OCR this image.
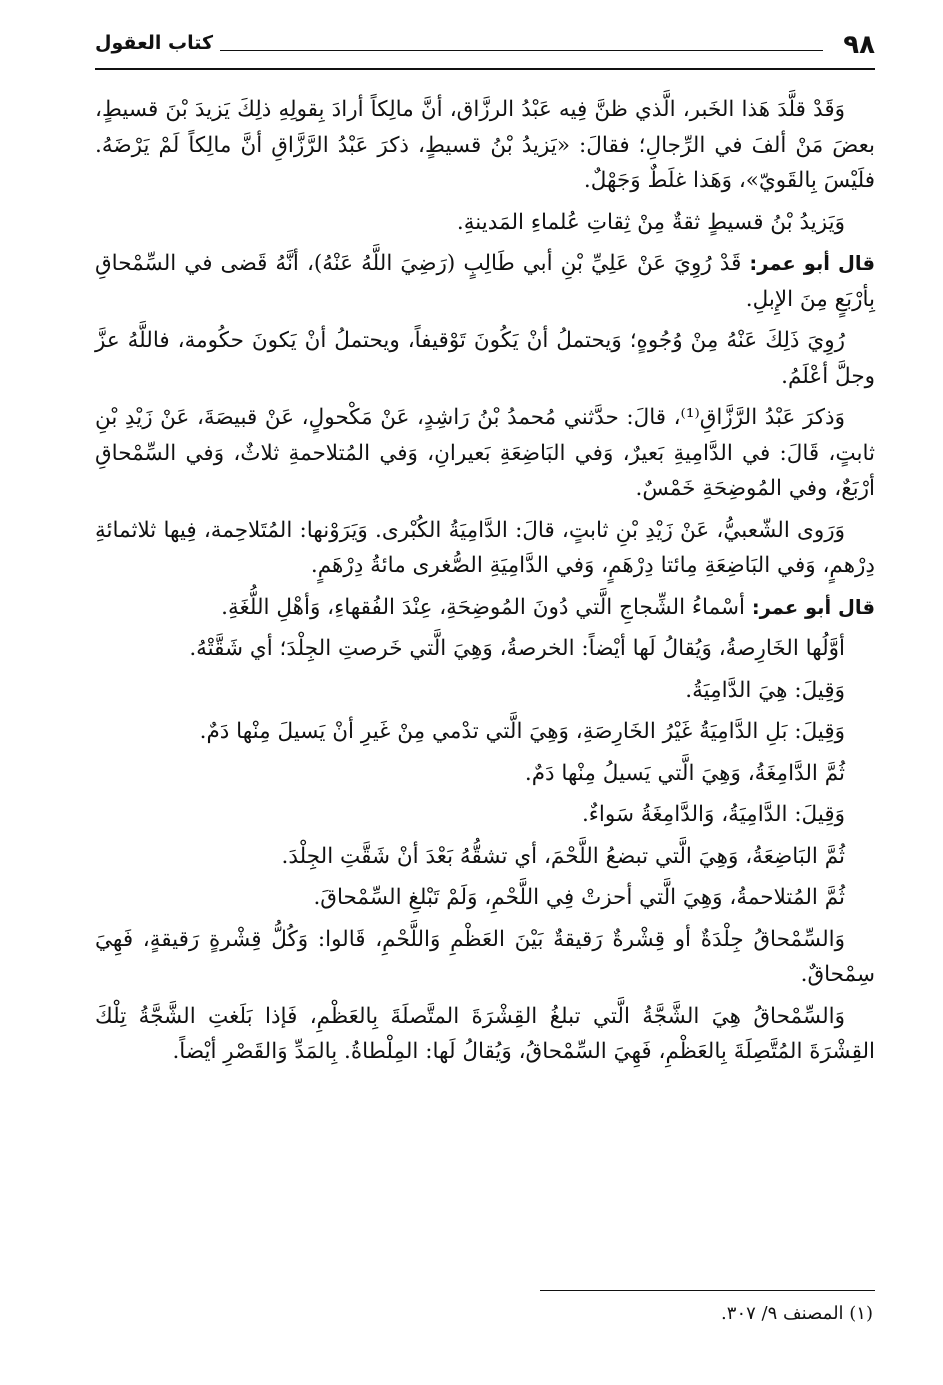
٩٨
كتاب العقول

وَقَدْ قلَّدَ هَذا الخَبر، الَّذي ظنَّ فِيه عَبْدُ الرزَّاق، أنَّ مالِكاً أرادَ بِقولِهِ ذلِكَ يَزيدَ بْنَ قسيطٍ، بعضَ مَنْ ألفَ في الرِّجالِ؛ فقالَ: «يَزيدُ بْنُ قسيطٍ، ذكرَ عَبْدُ الرَّزَّاقِ أنَّ مالِكاً لَمْ يَرْضَهُ. فلَيْسَ بِالقَويّ»، وَهَذا غلَطٌ وَجَهْلٌ.

وَيَزيدُ بْنُ قسيطٍ ثقةٌ مِنْ ثِقاتِ عُلماءِ المَدينةِ.

قال أبو عمر: قَدْ رُوِيَ عَنْ عَلِيِّ بْنِ أبي طَالِبٍ (رَضِيَ اللَّهُ عَنْهُ)، أنَّهُ قَضى في السِّمْحاقِ بِأرْبَعٍ مِنَ الإِبلِ.

رُوِيَ ذَلِكَ عَنْهُ مِنْ وُجُوهٍ؛ وَيحتملُ أنْ يَكُونَ تَوْقيفاً، ويحتملُ أنْ يَكونَ حكُومة، فاللَّهُ عزَّ وجلَّ أعْلَمُ.

وَذكرَ عَبْدُ الرَّزَّاقِ⁽¹⁾، قالَ: حدَّثني مُحمدُ بْنُ رَاشِدٍ، عَنْ مَكْحولٍ، عَنْ قبيصَةَ، عَنْ زَيْدِ بْنِ ثابتٍ، قَالَ: في الدَّامِيةِ بَعيرٌ، وَفي البَاضِعَةِ بَعيرانِ، وَفي المُتلاحمةِ ثلاثٌ، وَفي السِّمْحاقِ أرْبَعٌ، وفي المُوضِحَةِ خَمْسٌ.

وَرَوى الشّعبيُّ، عَنْ زَيْدِ بْنِ ثابتٍ، قالَ: الدَّامِيَةُ الكُبْرى. وَيَرَوْنها: المُتَلاحِمة، فِيها ثلاثمائةِ دِرْهمٍ، وَفي البَاضِعَةِ مِائتا دِرْهَمٍ، وَفي الدَّامِيَةِ الصُّغرى مائةُ دِرْهَمٍ.

قال أبو عمر: أسْماءُ الشِّجاجِ الَّتي دُونَ المُوضِحَةِ، عِنْدَ الفُقهاءِ، وَأهْلِ اللُّغَةِ.

أوَّلُها الخَارِصةُ، وَيُقالُ لَها أيْضاً: الخرصةُ، وَهِيَ الَّتي خَرصتِ الجِلْدَ؛ أي شَقَّتْهُ.

وَقِيلَ: هِيَ الدَّامِيَةُ.

وَقِيلَ: بَلِ الدَّامِيَةُ غَيْرُ الخَارِصَةِ، وَهِيَ الَّتي تدْمي مِنْ غَيرِ أنْ يَسيلَ مِنْها دَمٌ.

ثُمَّ الدَّامِغَةُ، وَهِيَ الَّتي يَسيلُ مِنْها دَمٌ.

وَقِيلَ: الدَّامِيَةُ، وَالدَّامِغَةُ سَواءٌ.

ثُمَّ البَاضِعَةُ، وَهِيَ الَّتي تبضعُ اللَّحْمَ، أي تشقُّهُ بَعْدَ أنْ شَقَّتِ الجِلْدَ.

ثُمَّ المُتلاحمةُ، وَهِيَ الَّتي أحزتْ فِي اللَّحْمِ، وَلَمْ تَبْلغِ السِّمْحاقَ.

وَالسِّمْحاقُ جِلْدَةٌ أو قِشْرةٌ رَقيقةٌ بَيْنَ العَظْمِ وَاللَّحْمِ، قَالوا: وَكُلُّ قِشْرةٍ رَقيقةٍ، فَهِيَ سِمْحاقٌ.

وَالسِّمْحاقُ هِيَ الشَّجَّةُ الَّتي تبلغُ القِشْرَةَ المتَّصلَةَ بِالعَظْمِ، فَإذا بَلَغتِ الشَّجَّةُ تِلْكَ القِشْرَةَ المُتَّصِلَةَ بِالعَظْمِ، فَهِيَ السِّمْحاقُ، وَيُقالُ لَها: المِلْطاةُ. بِالمَدِّ وَالقَصْرِ أيْضاً.

(١) المصنف ٩/ ٣٠٧.
